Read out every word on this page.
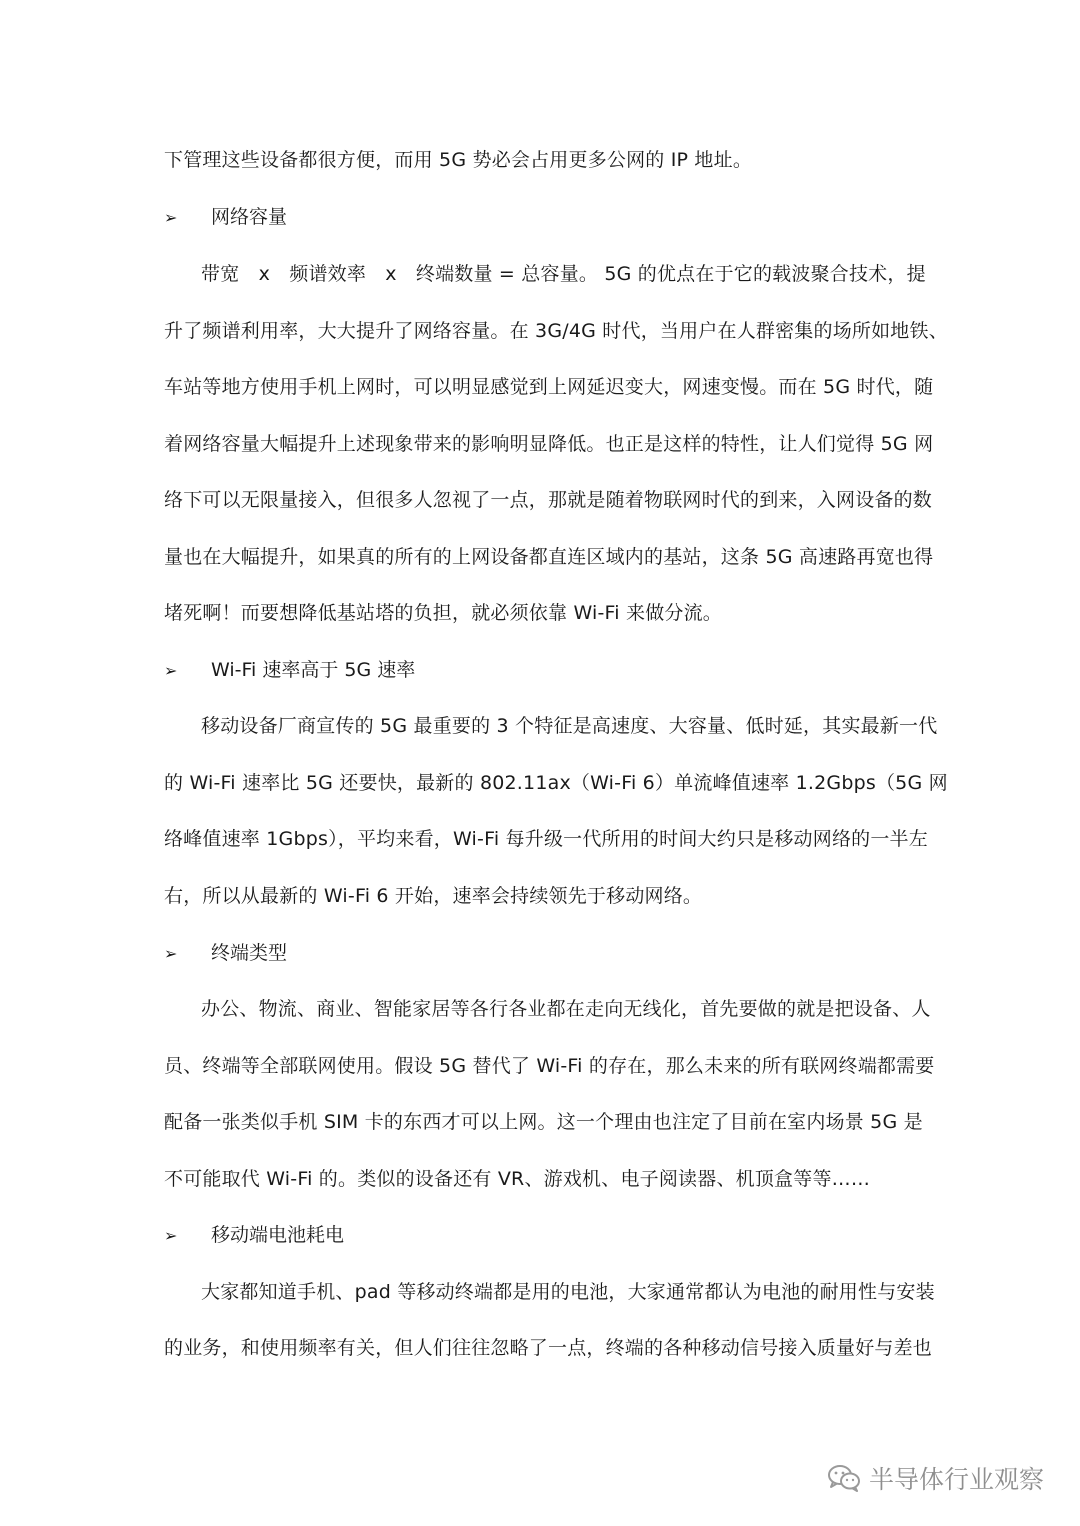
下管理这些设备都很方便，而用 5G 势必会占用更多公网的 IP 地址。
➢ 网络容量
带宽　x　频谱效率　x　终端数量 = 总容量。 5G 的优点在于它的载波聚合技术，提
升了频谱利用率，大大提升了网络容量。在 3G/4G 时代，当用户在人群密集的场所如地铁、
车站等地方使用手机上网时，可以明显感觉到上网延迟变大，网速变慢。而在 5G 时代，随
着网络容量大幅提升上述现象带来的影响明显降低。也正是这样的特性，让人们觉得 5G 网
络下可以无限量接入，但很多人忽视了一点，那就是随着物联网时代的到来，入网设备的数
量也在大幅提升，如果真的所有的上网设备都直连区域内的基站，这条 5G 高速路再宽也得
堵死啊！而要想降低基站塔的负担，就必须依靠 Wi-Fi 来做分流。
➢ Wi-Fi 速率高于 5G 速率
移动设备厂商宣传的 5G 最重要的 3 个特征是高速度、大容量、低时延，其实最新一代
的 Wi-Fi 速率比 5G 还要快，最新的 802.11ax（Wi-Fi 6）单流峰值速率 1.2Gbps（5G 网
络峰值速率 1Gbps），平均来看，Wi-Fi 每升级一代所用的时间大约只是移动网络的一半左
右，所以从最新的 Wi-Fi 6 开始，速率会持续领先于移动网络。
➢ 终端类型
办公、物流、商业、智能家居等各行各业都在走向无线化，首先要做的就是把设备、人
员、终端等全部联网使用。假设 5G 替代了 Wi-Fi 的存在，那么未来的所有联网终端都需要
配备一张类似手机 SIM 卡的东西才可以上网。这一个理由也注定了目前在室内场景 5G 是
不可能取代 Wi-Fi 的。类似的设备还有 VR、游戏机、电子阅读器、机顶盒等等……
➢ 移动端电池耗电
大家都知道手机、pad 等移动终端都是用的电池，大家通常都认为电池的耐用性与安装
的业务，和使用频率有关，但人们往往忽略了一点，终端的各种移动信号接入质量好与差也
半导体行业观察
